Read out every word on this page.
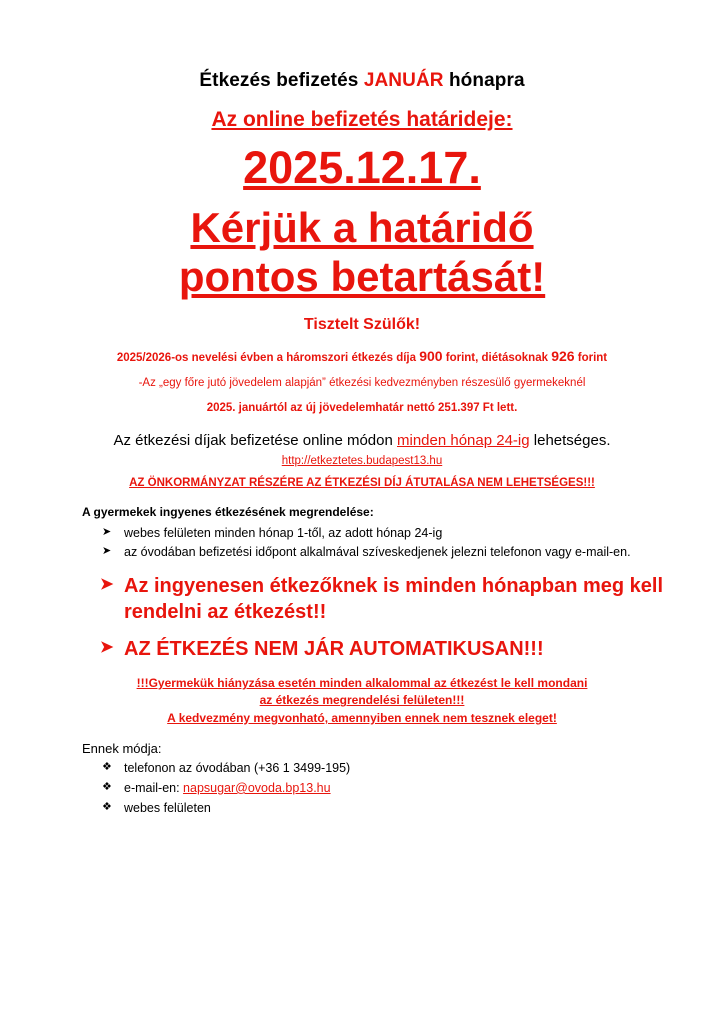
Étkezés befizetés JANUÁR hónapra
Az online befizetés határideje:
2025.12.17.
Kérjük a határidő
pontos betartását!
Tisztelt Szülők!
2025/2026-os nevelési évben a háromszori étkezés díja 900 forint, diétásoknak 926 forint
-Az „egy főre jutó jövedelem alapján” étkezési kedvezményben részesülő gyermekeknél
2025. januártól az új jövedelemhatár nettó 251.397 Ft lett.
Az étkezési díjak befizetése online módon minden hónap 24-ig lehetséges.
http://etkeztetes.budapest13.hu
AZ ÖNKORMÁNYZAT RÉSZÉRE AZ ÉTKEZÉSI DÍJ ÁTUTALÁSA NEM LEHETSÉGES!!!
A gyermekek ingyenes étkezésének megrendelése:
➤ webes felületen minden hónap 1-től, az adott hónap 24-ig
➤ az óvodában befizetési időpont alkalmával szíveskedjenek jelezni telefonon vagy e-mail-en.
➤ Az ingyenesen étkezőknek is minden hónapban meg kell rendelni az étkezést!!
➤ AZ ÉTKEZÉS NEM JÁR AUTOMATIKUSAN!!!
!!!Gyermekük hiányzása esetén minden alkalommal az étkezést le kell mondani
az étkezés megrendelési felületen!!!
A kedvezmény megvonható, amennyiben ennek nem tesznek eleget!
Ennek módja:
❖ telefonon az óvodában (+36 1 3499-195)
❖ e-mail-en: napsugar@ovoda.bp13.hu
❖ webes felületen
